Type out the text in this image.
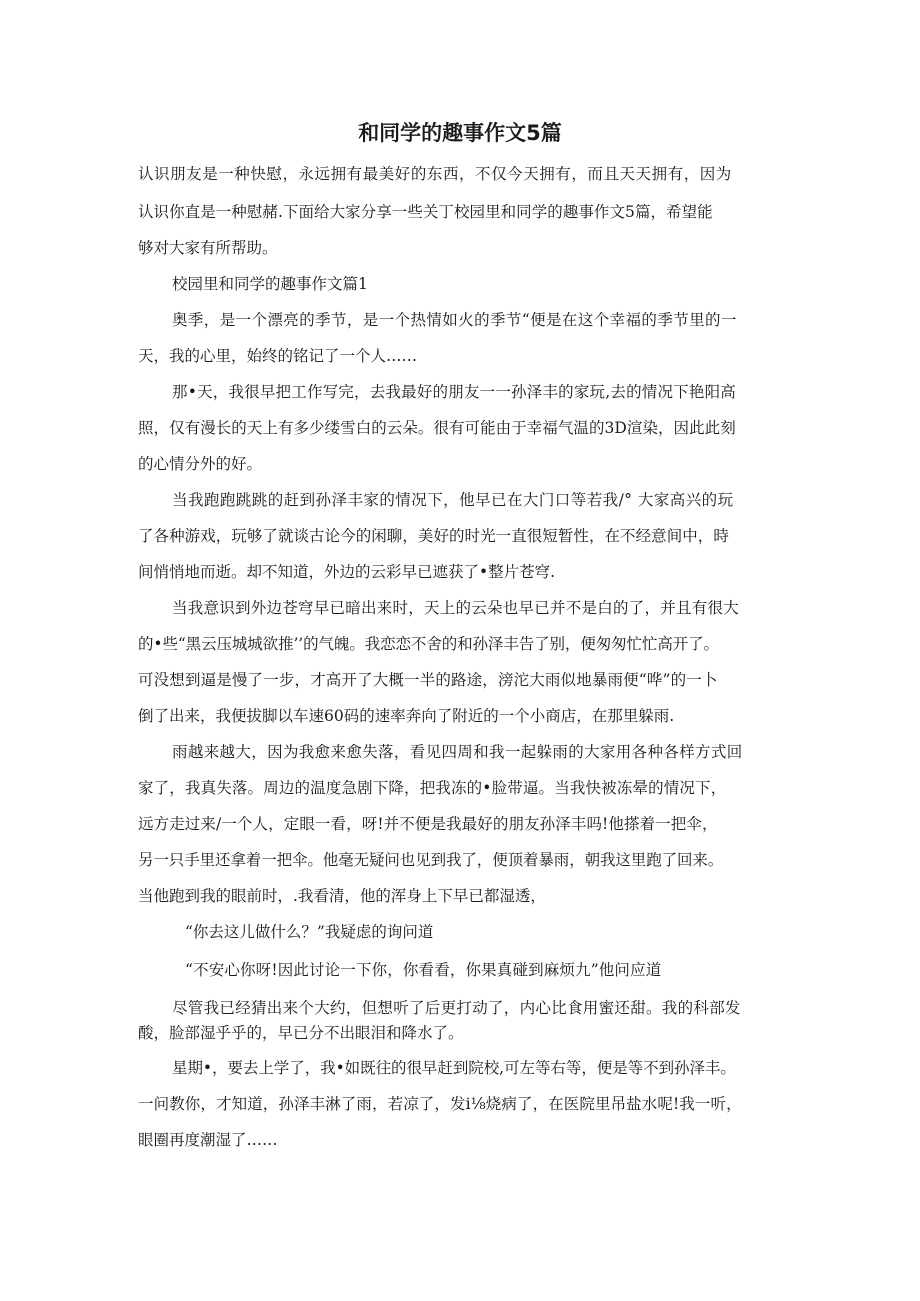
和同学的趣事作文5篇
认识朋友是一种快慰，永远拥有最美好的东西，不仅今天拥有，而且天天拥有，因为
认识你直是一种慰赭.下面给大家分享一些关丁校园里和同学的趣事作文5篇，希望能
够对大家有所帮助。
校园里和同学的趣事作文篇1
奥季，是一个漂亮的季节，是一个热情如火的季节“便是在这个幸福的季节里的一
天，我的心里，始终的铭记了一个人……
那•天，我很早把工作写完，去我最好的朋友一一孙泽丰的家玩,去的情况下艳阳高
照，仅有漫长的天上有多少缕雪白的云朵。很有可能由于幸福气温的3D渲染，因此此刻
的心情分外的好。
当我跑跑跳跳的赶到孙泽丰家的情况下，他早已在大门口等若我/° 大家高兴的玩
了各种游戏，玩够了就谈古论今的闲聊，美好的时光一直很短暂性，在不经意间中，時
间悄悄地而逝。却不知道，外边的云彩早已遮获了•整片苍穹.
当我意识到外边苍穹早已暗出来时，天上的云朵也早已并不是白的了，并且有很大
的•些“黑云压城城欲推’’的气魄。我恋恋不舍的和孙泽丰告了别，便匆匆忙忙高开了。
可没想到逼是慢了一步，才高开了大概一半的路途，滂沱大雨似地暴雨便“哗”的一卜
倒了出来，我便拔脚以车速60码的速率奔向了附近的一个小商店，在那里躲雨.
雨越来越大，因为我愈来愈失落，看见四周和我一起躲雨的大家用各种各样方式回
家了，我真失落。周边的温度急剧下降，把我冻的•脸带逼。当我快被冻晕的情况下，
远方走过来/一个人，定眼一看，呀!并不便是我最好的朋友孙泽丰吗!他搽着一把伞，
另一只手里还拿着一把伞。他毫无疑问也见到我了，便顶着暴雨，朝我这里跑了回来。
当他跑到我的眼前时，.我看清，他的浑身上下早已都湿透，
“你去这儿做什么？”我疑虑的询问道
“不安心你呀!因此讨论一下你，你看看，你果真碰到麻烦九”他问应道
尽管我已经猜出来个大约，但想听了后更打动了，内心比食用蜜还甜。我的科部发
酸，脸部湿乎乎的，早已分不出眼泪和降水了。
星期•，要去上学了，我•如既往的很早赶到院校,可左等右等，便是等不到孙泽丰。
一问教你，才知道，孙泽丰淋了雨，若凉了，发i⅛烧病了，在医院里吊盐水呢!我一听，
眼圈再度潮湿了……
